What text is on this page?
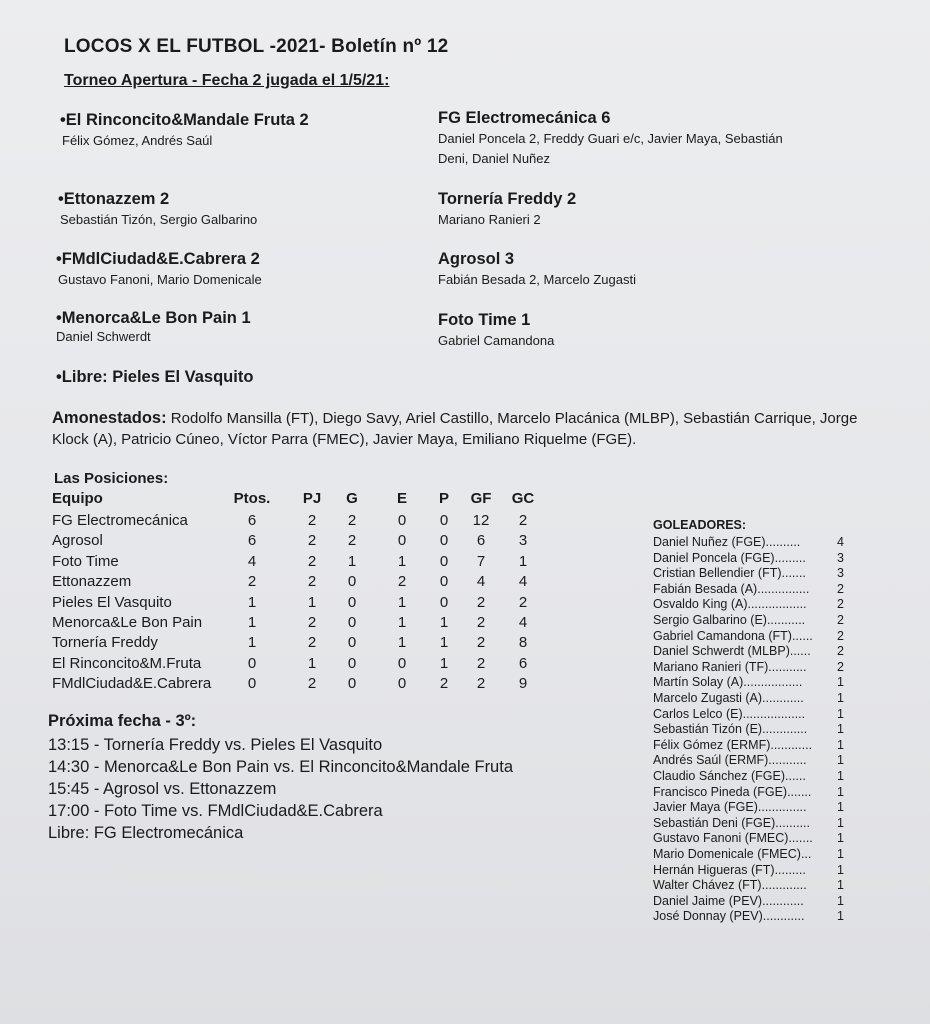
LOCOS X EL FUTBOL -2021- Boletín nº 12
Torneo Apertura - Fecha 2 jugada el 1/5/21:
•El Rinconcito&Mandale Fruta 2
Félix Gómez, Andrés Saúl
FG Electromecánica 6
Daniel Poncela 2, Freddy Guari e/c, Javier Maya, Sebastián Deni, Daniel Nuñez
•Ettonazzem 2
Sebastián Tizón, Sergio Galbarino
Tornería Freddy 2
Mariano Ranieri 2
•FMdlCiudad&E.Cabrera 2
Gustavo Fanoni, Mario Domenicale
Agrosol 3
Fabián Besada 2, Marcelo Zugasti
•Menorca&Le Bon Pain 1
Daniel Schwerdt
Foto Time 1
Gabriel Camandona
•Libre: Pieles El Vasquito
Amonestados: Rodolfo Mansilla (FT), Diego Savy, Ariel Castillo, Marcelo Placánica (MLBP), Sebastián Carrique, Jorge Klock (A), Patricio Cúneo, Víctor Parra (FMEC), Javier Maya, Emiliano Riquelme (FGE).
Las Posiciones:
Equipo	Ptos. PJ G	E	P	GF	GC
FG Electromecánica	6	2	2	0	0	12	2
Agrosol	6	2	2	0	0	6	3
Foto Time	4	2	1	1	0	7	1
Ettonazzem	2	2	0	2	0	4	4
Pieles El Vasquito	1	1	0	1	0	2	2
Menorca&Le Bon Pain	1	2	0	1	1	2	4
Tornería Freddy	1	2	0	1	1	2	8
El Rinconcito&M.Fruta	0	1	0	0	1	2	6
FMdlCiudad&E.Cabrera	0	2	0	0	2	2	9
Próxima fecha - 3º:
13:15 - Tornería Freddy vs. Pieles El Vasquito
14:30 - Menorca&Le Bon Pain vs. El Rinconcito&Mandale Fruta
15:45 - Agrosol vs. Ettonazzem
17:00 - Foto Time vs. FMdlCiudad&E.Cabrera
Libre: FG Electromecánica
GOLEADORES:
Daniel Nuñez (FGE)..........	4
Daniel Poncela (FGE)......... 3
Cristian Bellendier (FT)....... 3
Fabián Besada (A)............... 2
Osvaldo King (A)................. 2
Sergio Galbarino (E)...........	2
Gabriel Camandona (FT)...... 2
Daniel Schwerdt (MLBP)...... 2
Mariano Ranieri (TF)........... 2
Martín Solay (A).................	1
Marcelo Zugasti (A)............	1
Carlos Lelco (E)..................	1
Sebastián Tizón (E)............. 1
Félix Gómez (ERMF)............ 1
Andrés Saúl (ERMF)........... 1
Claudio Sánchez (FGE)...... 1
Francisco Pineda (FGE)....... 1
Javier Maya (FGE).............. 1
Sebastián Deni (FGE).......... 1
Gustavo Fanoni (FMEC)....... 1
Mario Domenicale (FMEC)... 1
Hernán Higueras (FT)......... 1
Walter Chávez (FT)............. 1
Daniel Jaime (PEV)............	1
José Donnay (PEV)............	1
